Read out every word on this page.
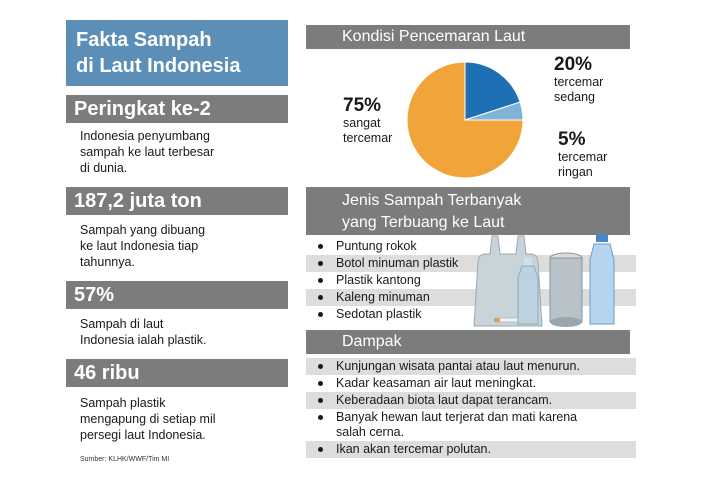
Fakta Sampah
di Laut Indonesia
Peringkat ke-2
Indonesia penyumbang
sampah ke laut terbesar
di dunia.
187,2 juta ton
Sampah yang dibuang
ke laut Indonesia tiap
tahunnya.
57%
Sampah di laut
Indonesia ialah plastik.
46 ribu
Sampah plastik
mengapung di setiap mil
persegi laut Indonesia.
Sumber: KLHK/WWF/Tim MI
Kondisi Pencemaran Laut
75%
sangat
tercemar
20%
tercemar
sedang
5%
tercemar
ringan
Jenis Sampah Terbanyak
yang Terbuang ke Laut
Puntung rokok
Botol minuman plastik
Plastik kantong
Kaleng minuman
Sedotan plastik
Dampak
Kunjungan wisata pantai atau laut menurun.
Kadar keasaman air laut meningkat.
Keberadaan biota laut dapat terancam.
Banyak hewan laut terjerat dan mati karena
salah cerna.
Ikan akan tercemar polutan.
